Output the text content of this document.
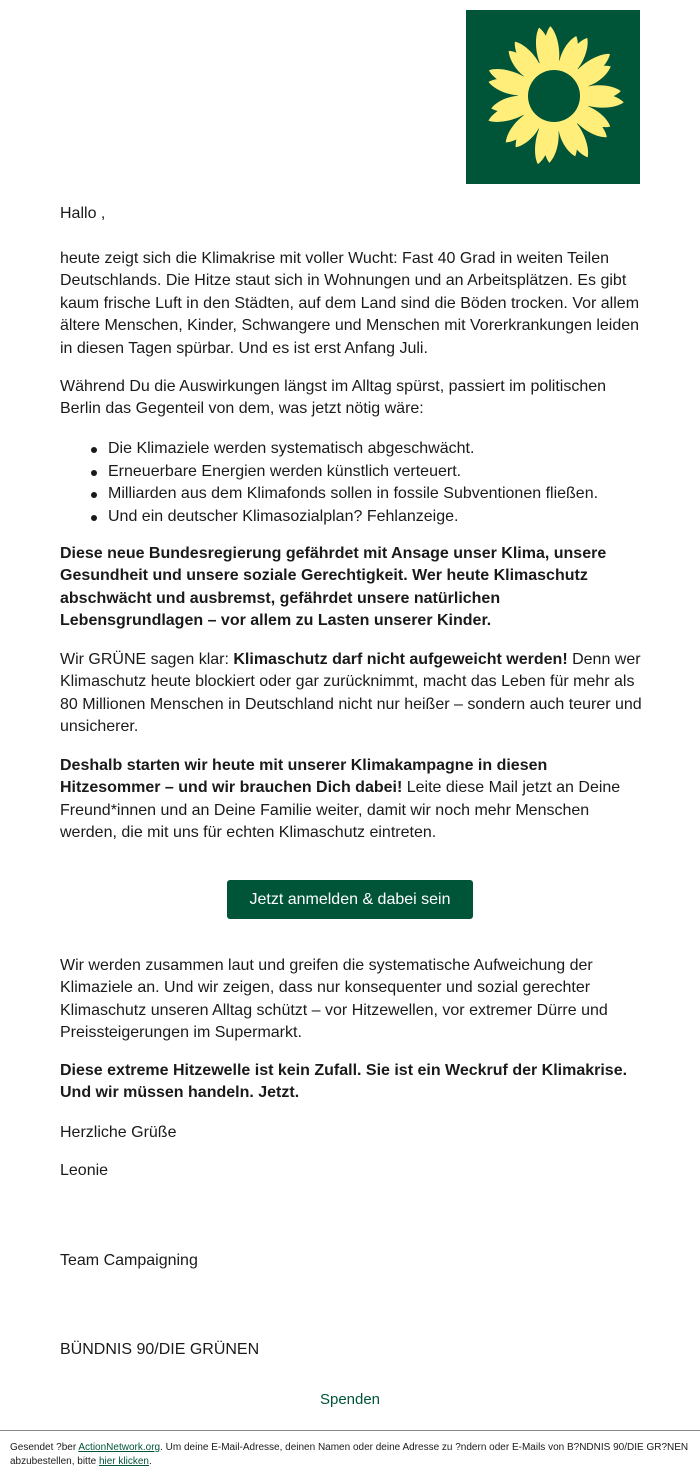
Hallo ,
heute zeigt sich die Klimakrise mit voller Wucht: Fast 40 Grad in weiten Teilen Deutschlands. Die Hitze staut sich in Wohnungen und an Arbeitsplätzen. Es gibt kaum frische Luft in den Städten, auf dem Land sind die Böden trocken. Vor allem ältere Menschen, Kinder, Schwangere und Menschen mit Vorerkrankungen leiden in diesen Tagen spürbar. Und es ist erst Anfang Juli.
Während Du die Auswirkungen längst im Alltag spürst, passiert im politischen Berlin das Gegenteil von dem, was jetzt nötig wäre:
Die Klimaziele werden systematisch abgeschwächt.
Erneuerbare Energien werden künstlich verteuert.
Milliarden aus dem Klimafonds sollen in fossile Subventionen fließen.
Und ein deutscher Klimasozialplan? Fehlanzeige.
Diese neue Bundesregierung gefährdet mit Ansage unser Klima, unsere Gesundheit und unsere soziale Gerechtigkeit. Wer heute Klimaschutz abschwächt und ausbremst, gefährdet unsere natürlichen Lebensgrundlagen – vor allem zu Lasten unserer Kinder.
Wir GRÜNE sagen klar: Klimaschutz darf nicht aufgeweicht werden! Denn wer Klimaschutz heute blockiert oder gar zurücknimmt, macht das Leben für mehr als 80 Millionen Menschen in Deutschland nicht nur heißer – sondern auch teurer und unsicherer.
Deshalb starten wir heute mit unserer Klimakampagne in diesen Hitzesommer – und wir brauchen Dich dabei! Leite diese Mail jetzt an Deine Freund*innen und an Deine Familie weiter, damit wir noch mehr Menschen werden, die mit uns für echten Klimaschutz eintreten.
Wir werden zusammen laut und greifen die systematische Aufweichung der Klimaziele an. Und wir zeigen, dass nur konsequenter und sozial gerechter Klimaschutz unseren Alltag schützt – vor Hitzewellen, vor extremer Dürre und Preissteigerungen im Supermarkt.
Diese extreme Hitzewelle ist kein Zufall. Sie ist ein Weckruf der Klimakrise. Und wir müssen handeln. Jetzt.
Herzliche Grüße
Leonie
Team Campaigning
BÜNDNIS 90/DIE GRÜNEN
Jetzt anmelden & dabei sein
Spenden
Gesendet ?ber ActionNetwork.org. Um deine E-Mail-Adresse, deinen Namen oder deine Adresse zu ?ndern oder E-Mails von B?NDNIS 90/DIE GR?NEN abzubestellen, bitte hier klicken.
